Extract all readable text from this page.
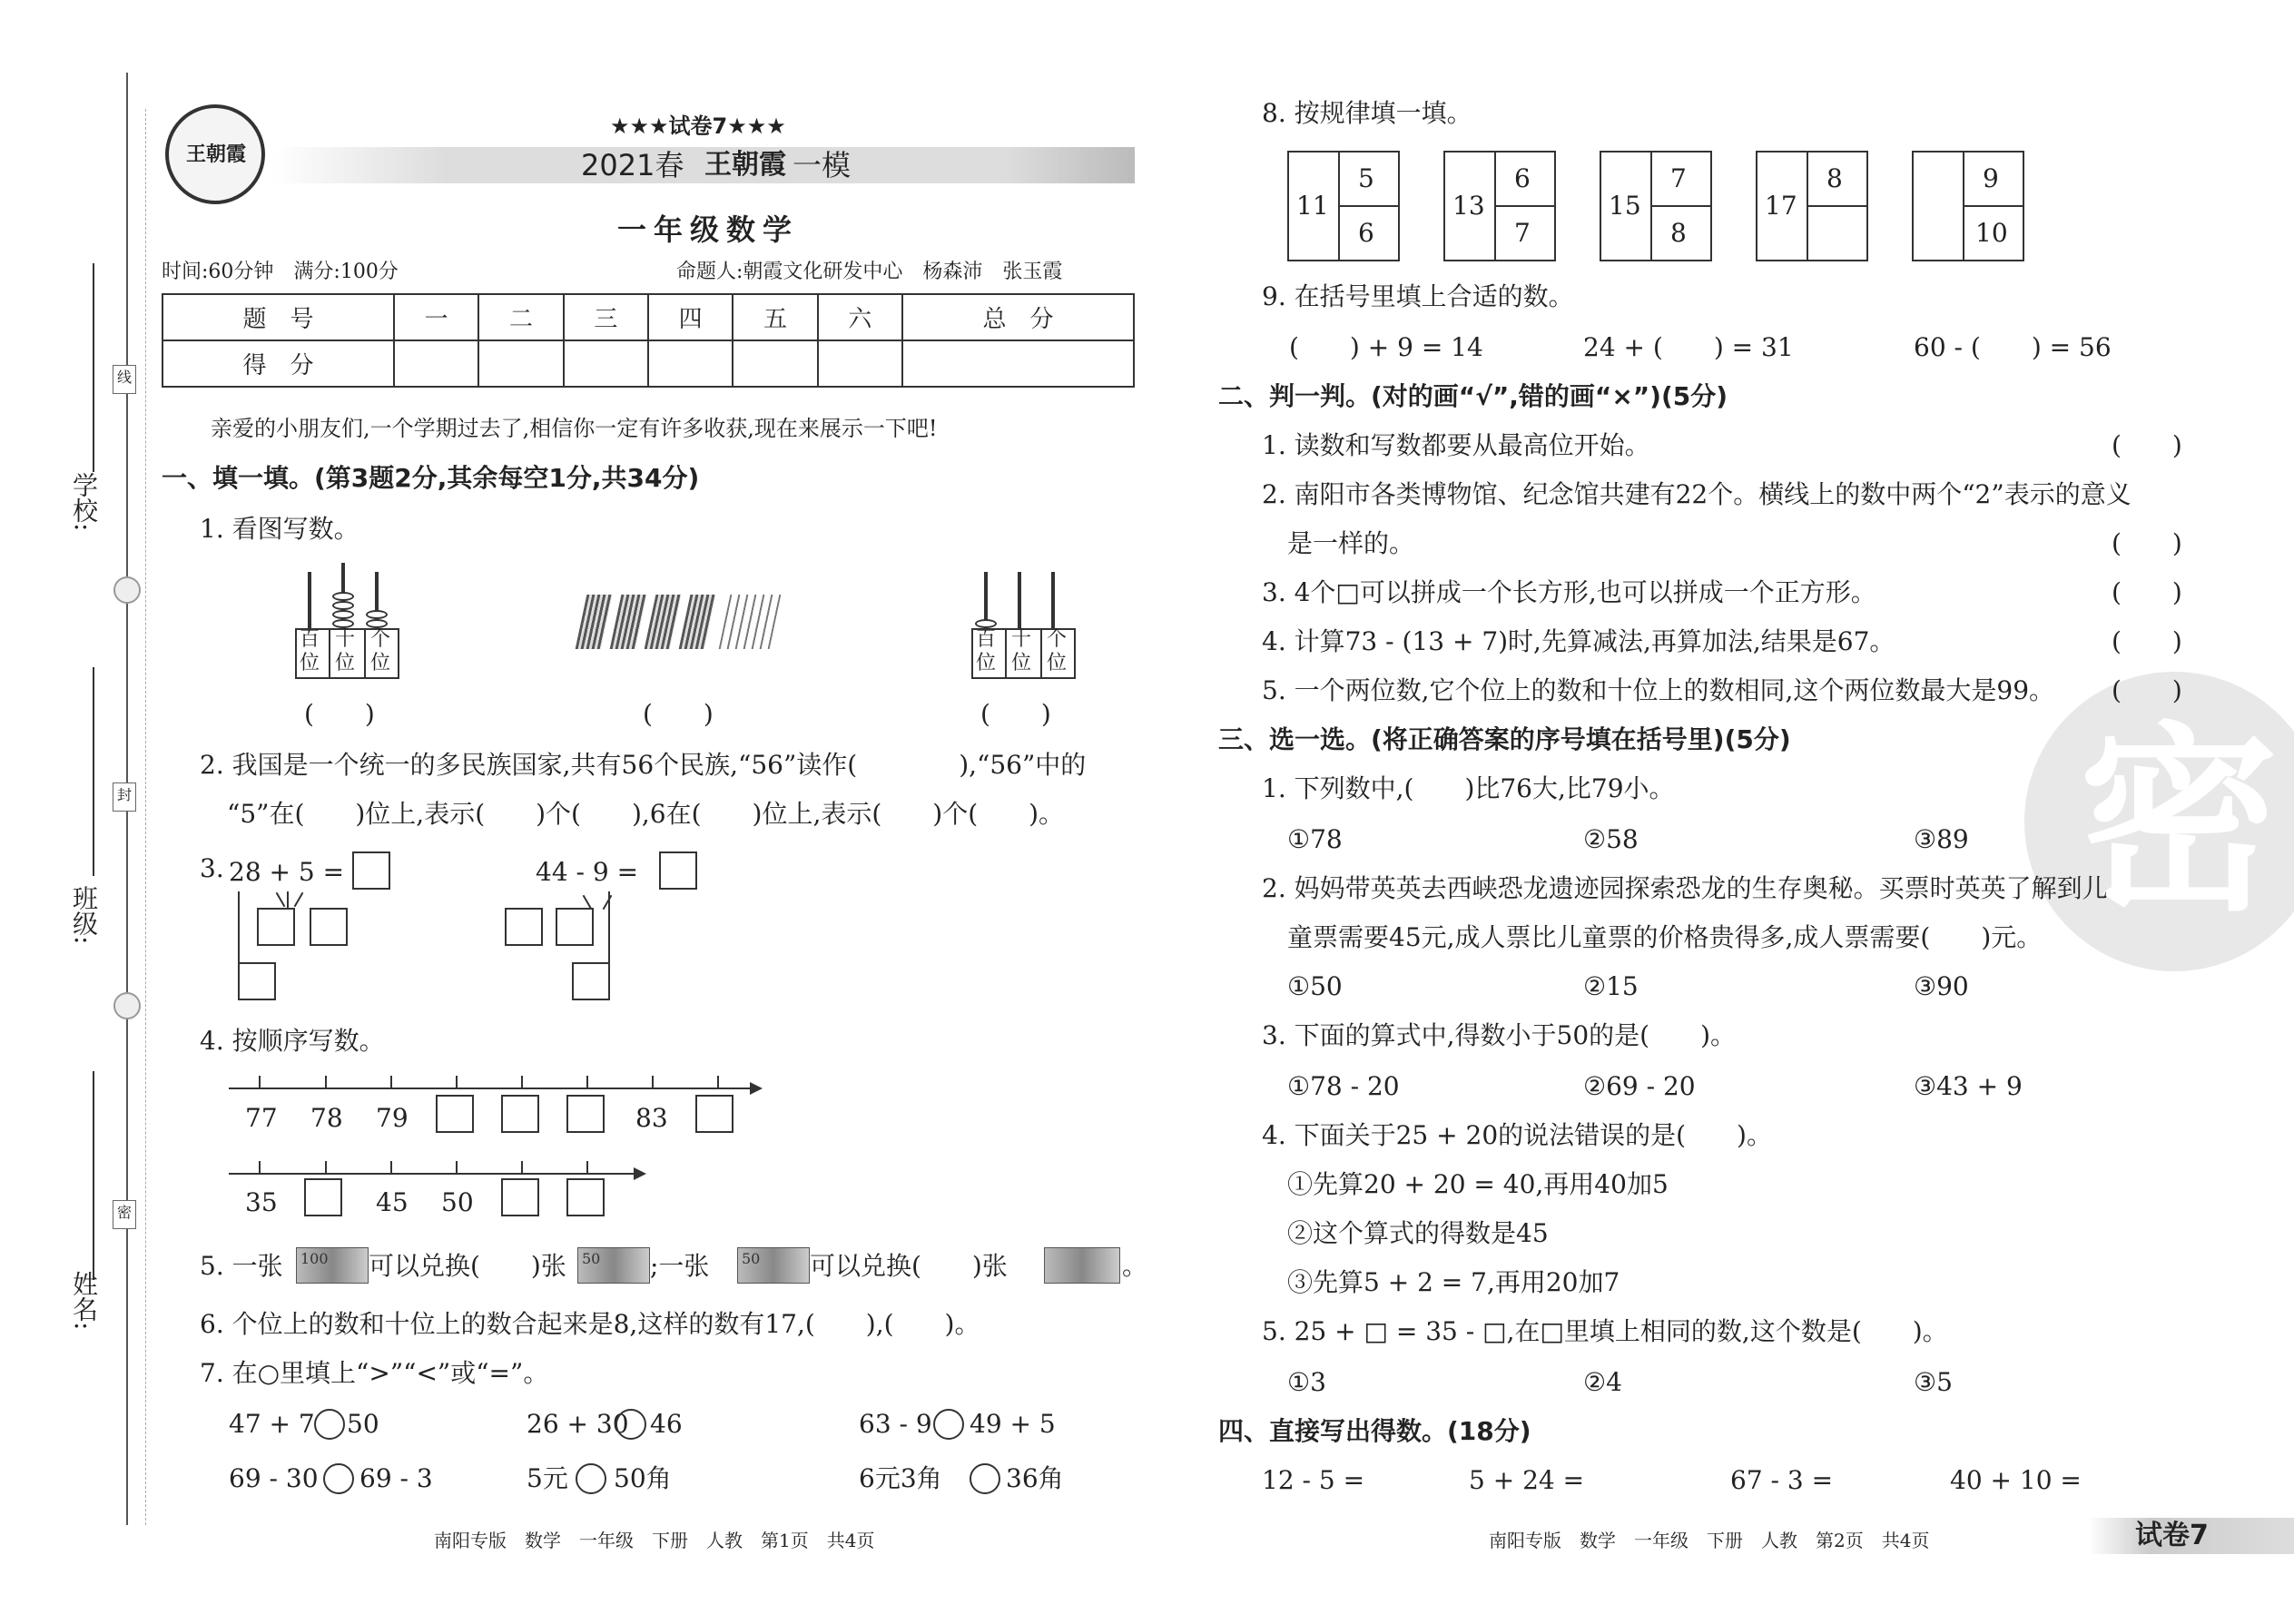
学校:
班级:
姓名:
线
封
密
王朝霞
★★★试卷7★★★
2021春 王朝霞 一模
一年级数学
时间:60分钟　满分:100分	命题人:朝霞文化研发中心　杨森沛　张玉霞
题　号	一	二	三	四	五	六	总　分
得　分							
亲爱的小朋友们,一个学期过去了,相信你一定有许多收获,现在来展示一下吧!
一、填一填。(第3题2分,其余每空1分,共34分)
1. 看图写数。
百
位
十
位
个
位
(　　)	(　　)
百
位
十
位
个
位
(　　)
2. 我国是一个统一的多民族国家,共有56个民族,“56”读作(　　　　),“56”中的
“5”在(　　)位上,表示(　　)个(　　),6在(　　)位上,表示(　　)个(　　)。
3. 28 + 5 =	44 - 9 =
4. 按顺序写数。
77 78 79	83
35	45 50
5. 一张 100 可以兑换(　　)张 50 ;一张 50 可以兑换(　　)张	。
6. 个位上的数和十位上的数合起来是8,这样的数有17,(　　),(　　)。
7. 在○里填上“>”“<”或“=”。
47 + 7 50	26 + 30 46	63 - 9 49 + 5
69 - 30 69 - 3	5元 50角	6元3角	36角
南阳专版　数学　一年级　下册　人教　第1页　共4页
密
8. 按规律填一填。
11
5
6
13
6
7
15
7
8
17
8	9
10
9. 在括号里填上合适的数。
(　　) + 9 = 14	24 + (　　) = 31	60 - (　　) = 56
二、判一判。(对的画“√”,错的画“×”)(5分)
1. 读数和写数都要从最高位开始。	(　　)
2. 南阳市各类博物馆、纪念馆共建有22个。横线上的数中两个“2”表示的意义
是一样的。	(　　)
3. 4个□可以拼成一个长方形,也可以拼成一个正方形。	(　　)
4. 计算73 - (13 + 7)时,先算减法,再算加法,结果是67。	(　　)
5. 一个两位数,它个位上的数和十位上的数相同,这个两位数最大是99。 (　　)
三、选一选。(将正确答案的序号填在括号里)(5分)
1. 下列数中,(　　)比76大,比79小。
①78	②58	③89
2. 妈妈带英英去西峡恐龙遗迹园探索恐龙的生存奥秘。买票时英英了解到儿
童票需要45元,成人票比儿童票的价格贵得多,成人票需要(　　)元。
①50	②15	③90
3. 下面的算式中,得数小于50的是(　　)。
①78 - 20	②69 - 20	③43 + 9
4. 下面关于25 + 20的说法错误的是(　　)。
①先算20 + 20 = 40,再用40加5
②这个算式的得数是45
③先算5 + 2 = 7,再用20加7
5. 25 + □ = 35 - □,在□里填上相同的数,这个数是(　　)。
①3	②4	③5
四、直接写出得数。(18分)
12 - 5 =	5 + 24 =	67 - 3 =	40 + 10 =
南阳专版　数学　一年级　下册　人教　第2页　共4页	试卷7
